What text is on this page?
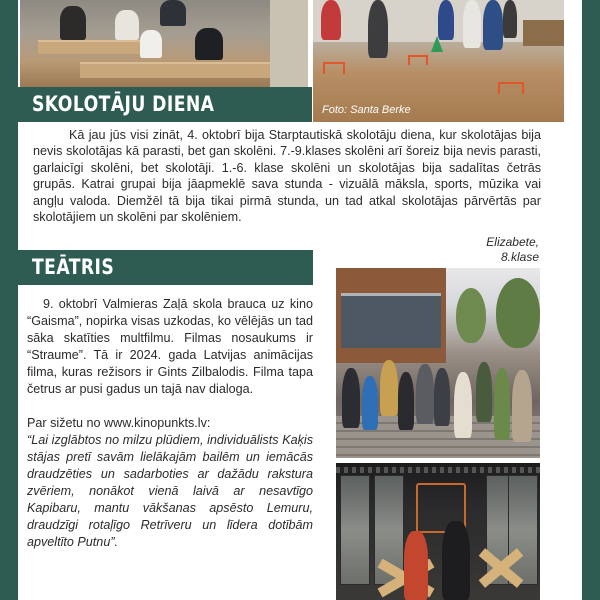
Foto: Santa Berke
SKOLOTĀJU DIENA
Kā jau jūs visi zināt, 4. oktobrī bija Starptautiskā skolotāju diena, kur skolotājas bija nevis skolotājas kā parasti, bet gan skolēni. 7.-9.klases skolēni arī šoreiz bija nevis parasti, garlaicīgi skolēni, bet skolotāji. 1.-6. klase skolēni un skolotājas bija sadalītas četrās grupās. Katrai grupai bija jāapmeklē sava stunda - vizuālā māksla, sports, mūzika vai angļu valoda. Diemžēl tā bija tikai pirmā stunda, un tad atkal skolotājas pārvērtās par skolotājiem un skolēni par skolēniem.
Elizabete,
8.klase
TEĀTRIS

9. oktobrī Valmieras Zaļā skola brauca uz kino “Gaisma”, nopirka visas uzkodas, ko vēlējās un tad sāka skatīties multfilmu. Filmas nosaukums ir “Straume”. Tā ir 2024. gada Latvijas animācijas filma, kuras režisors ir Gints Zilbalodis. Filma tapa četrus ar pusi gadus un tajā nav dialoga.

Par sižetu no www.kinopunkts.lv:
“Lai izglābtos no milzu plūdiem, individuālists Kaķis stājas pretī savām lielākajām bailēm un iemācās draudzēties un sadarboties ar dažādu rakstura zvēriem, nonākot vienā laivā ar nesavtīgo Kapibaru, mantu vākšanas apsēsto Lemuru, draudzīgi rotaļīgo Retrīveru un līdera dotībām apveltīto Putnu”.
